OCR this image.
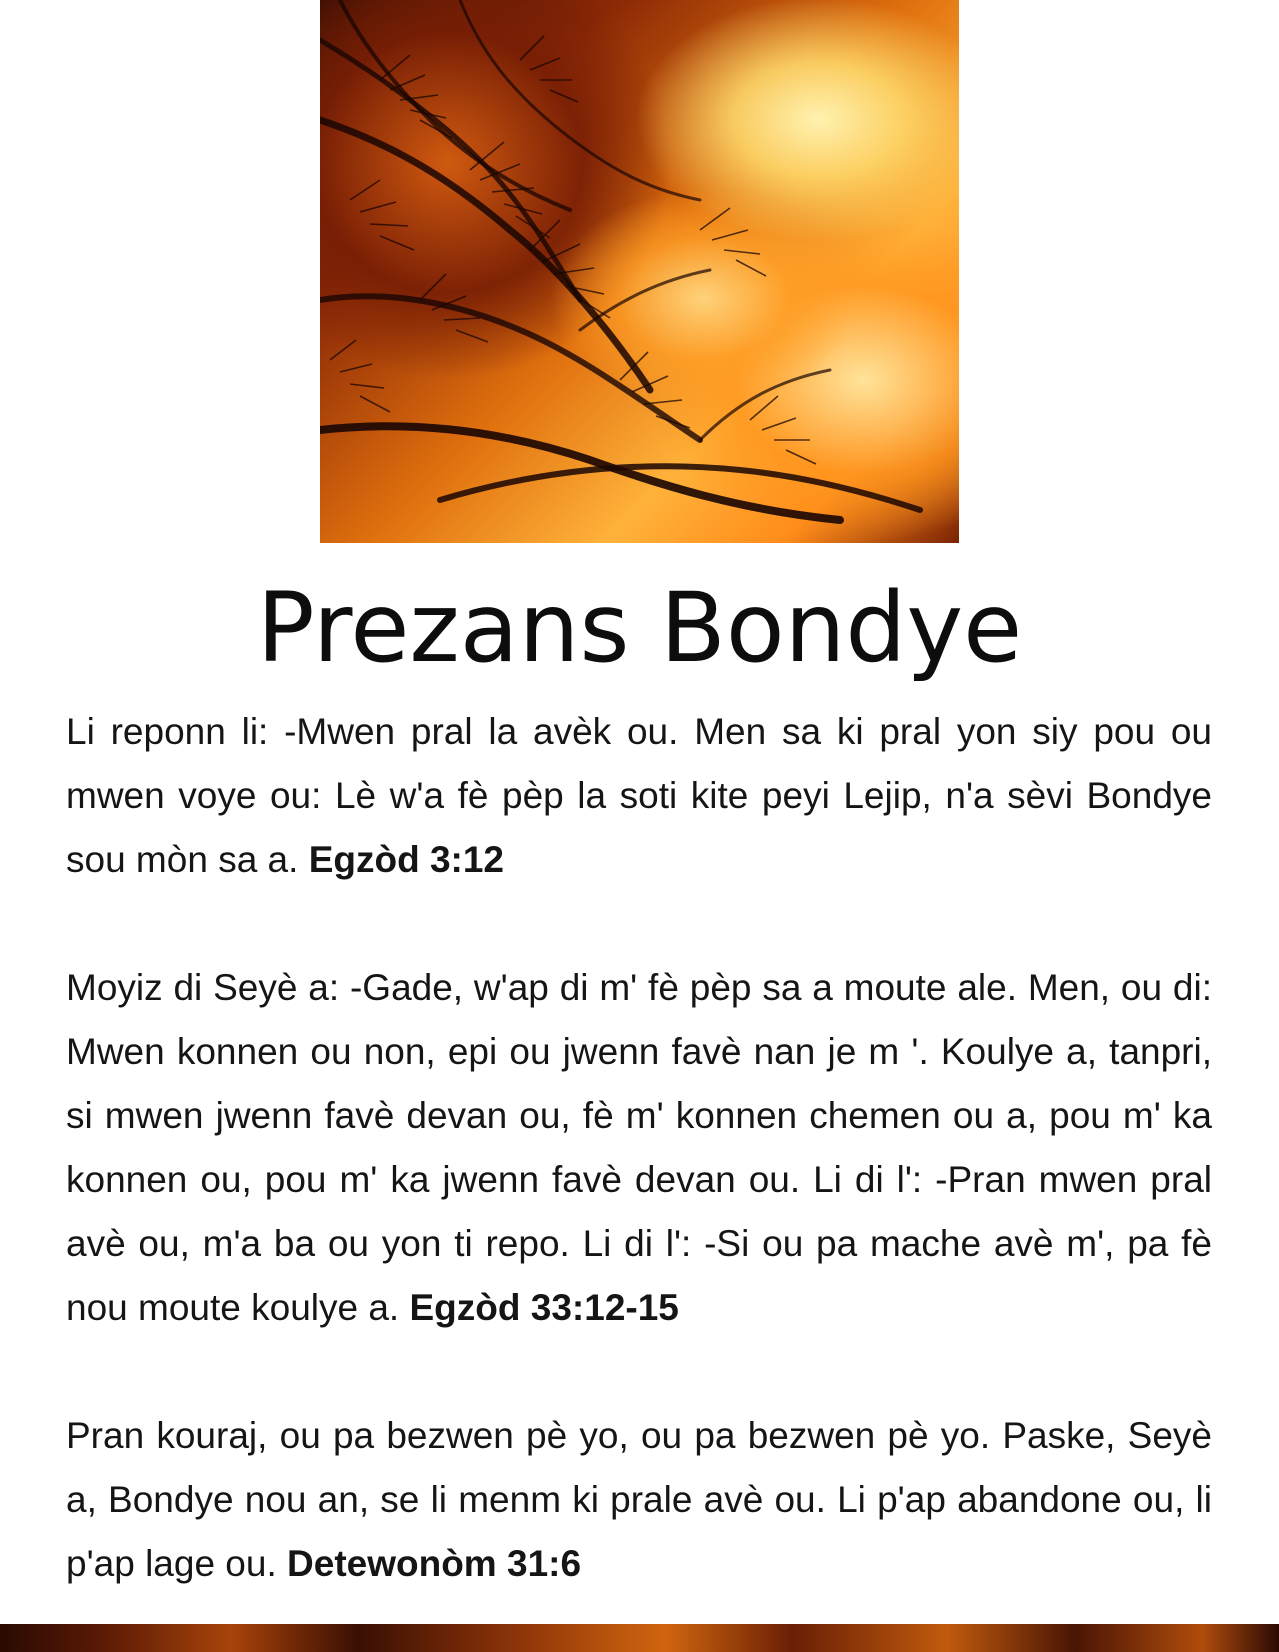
Prezans Bondye

Li reponn li: -Mwen pral la avèk ou. Men sa ki pral yon siy pou ou mwen voye ou: Lè w'a fè pèp la soti kite peyi Lejip, n'a sèvi Bondye sou mòn sa a. Egzòd 3:12

Moyiz di Seyè a: -Gade, w'ap di m' fè pèp sa a moute ale. Men, ou di: Mwen konnen ou non, epi ou jwenn favè nan je m '. Koulye a, tanpri, si mwen jwenn favè devan ou, fè m' konnen chemen ou a, pou m' ka konnen ou, pou m' ka jwenn favè devan ou. Li di l': -Pran mwen pral avè ou, m'a ba ou yon ti repo. Li di l': -Si ou pa mache avè m', pa fè nou moute koulye a. Egzòd 33:12-15

Pran kouraj, ou pa bezwen pè yo, ou pa bezwen pè yo. Paske, Seyè a, Bondye nou an, se li menm ki prale avè ou. Li p'ap abandone ou, li p'ap lage ou. Detewonòm 31:6
